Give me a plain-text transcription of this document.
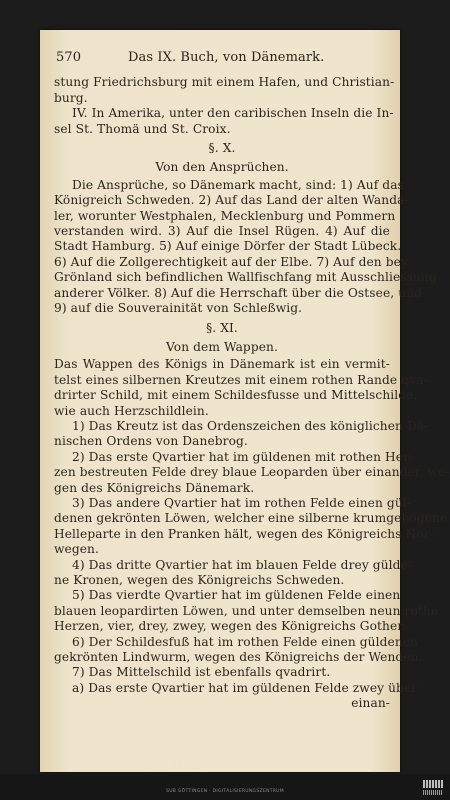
570	Das IX. Buch, von Dänemark.
stung Friedrichsburg mit einem Hafen, und Christian-
burg.
IV. In Amerika, unter den caribischen Inseln die In-
sel St. Thomä und St. Croix.
§. X.
Von den Ansprüchen.
Die Ansprüche, so Dänemark macht, sind: 1) Auf das
Königreich Schweden. 2) Auf das Land der alten Wanda-
ler, worunter Westphalen, Mecklenburg und Pommern
verstanden wird. 3) Auf die Insel Rügen. 4) Auf die
Stadt Hamburg. 5) Auf einige Dörfer der Stadt Lübeck.
6) Auf die Zollgerechtigkeit auf der Elbe. 7) Auf den bey
Grönland sich befindlichen Wallfischfang mit Ausschliessung
anderer Völker. 8) Auf die Herrschaft über die Ostsee, und
9) auf die Souverainität von Schleßwig.
§. XI.
Von dem Wappen.
Das Wappen des Königs in Dänemark ist ein vermit-
telst eines silbernen Kreutzes mit einem rothen Rande qva-
drirter Schild, mit einem Schildesfusse und Mittelschilde,
wie auch Herzschildlein.
1) Das Kreutz ist das Ordenszeichen des königlichen Dä-
nischen Ordens von Danebrog.
2) Das erste Qvartier hat im güldenen mit rothen Her-
zen bestreuten Felde drey blaue Leoparden über einander, we-
gen des Königreichs Dänemark.
3) Das andere Qvartier hat im rothen Felde einen gül-
denen gekrönten Löwen, welcher eine silberne krumgebogene
Helleparte in den Pranken hält, wegen des Königreichs Nor-
wegen.
4) Das dritte Qvartier hat im blauen Felde drey gülde-
ne Kronen, wegen des Königreichs Schweden.
5) Das vierdte Qvartier hat im güldenen Felde einen
blauen leopardirten Löwen, und unter demselben neun rothe
Herzen, vier, drey, zwey, wegen des Königreichs Gothen.
6) Der Schildesfuß hat im rothen Felde einen güldenen
gekrönten Lindwurm, wegen des Königreichs der Wenden.
7) Das Mittelschild ist ebenfalls qvadrirt.
a) Das erste Qvartier hat im güldenen Felde zwey über
einan-
SUB GÖTTINGEN · DIGITALISIERUNGSZENTRUM
